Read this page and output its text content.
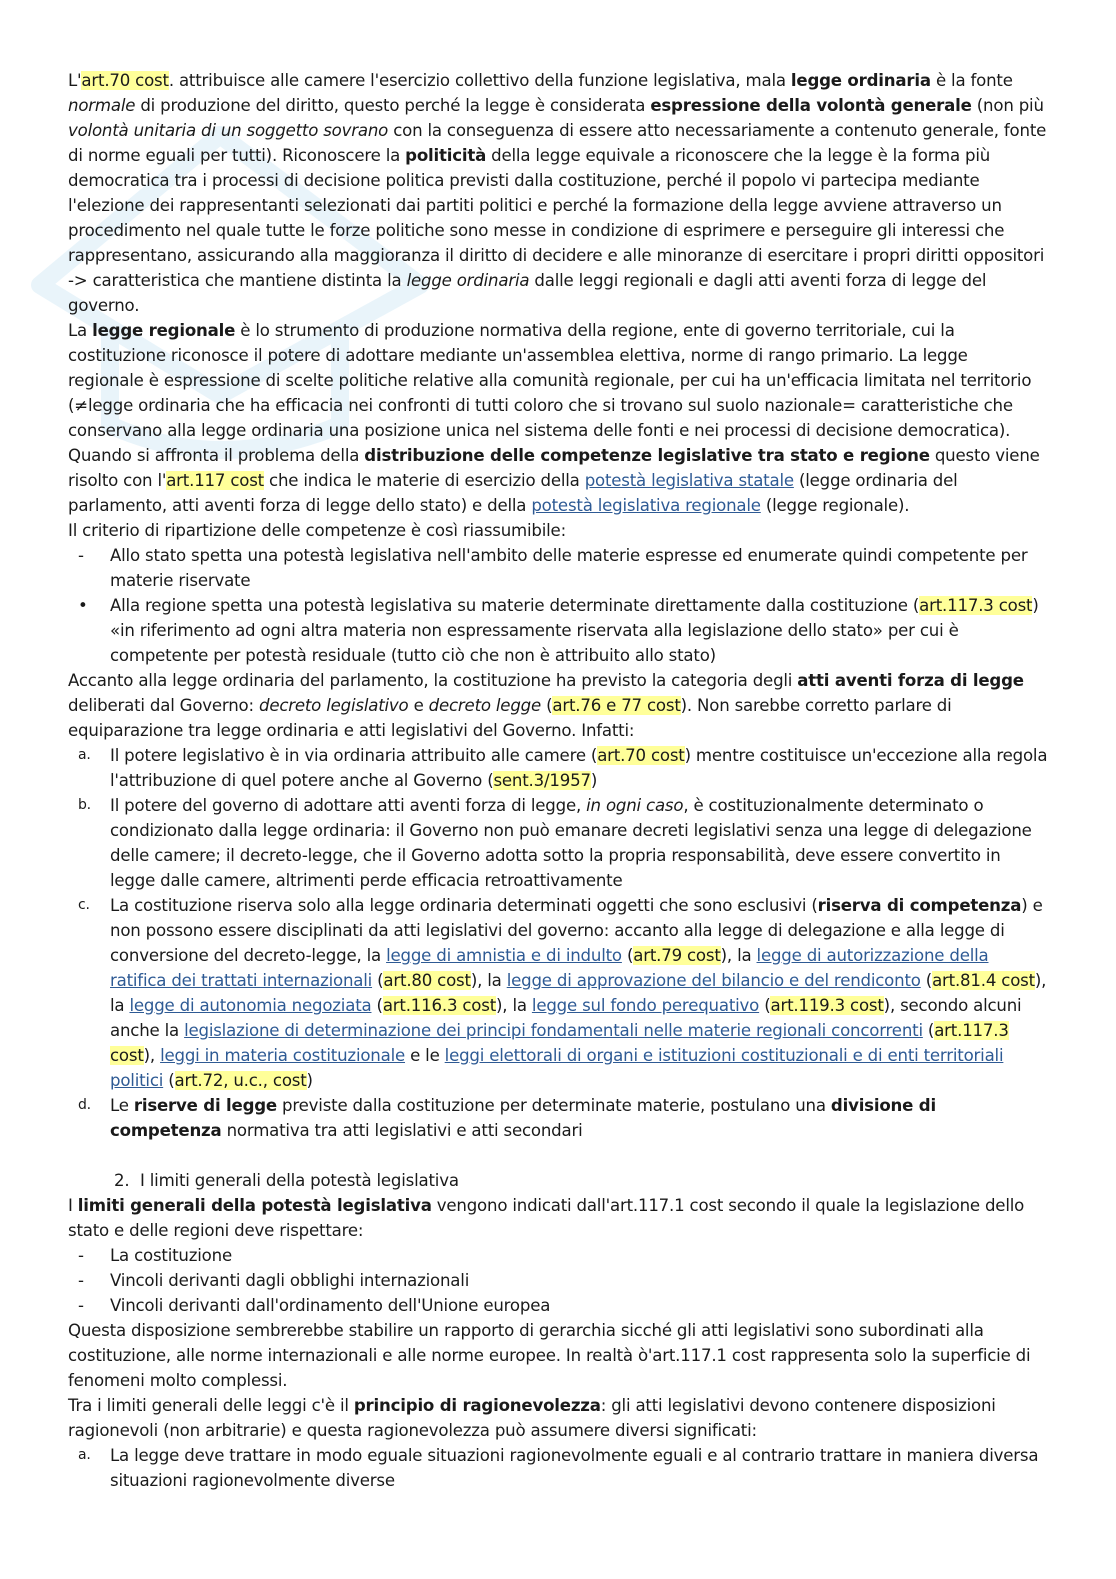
L'art.70 cost. attribuisce alle camere l'esercizio collettivo della funzione legislativa, mala legge ordinaria è la fonte normale di produzione del diritto, questo perché la legge è considerata espressione della volontà generale (non più volontà unitaria di un soggetto sovrano con la conseguenza di essere atto necessariamente a contenuto generale, fonte di norme eguali per tutti). Riconoscere la politicità della legge equivale a riconoscere che la legge è la forma più democratica tra i processi di decisione politica previsti dalla costituzione, perché il popolo vi partecipa mediante l'elezione dei rappresentanti selezionati dai partiti politici e perché la formazione della legge avviene attraverso un procedimento nel quale tutte le forze politiche sono messe in condizione di esprimere e perseguire gli interessi che rappresentano, assicurando alla maggioranza il diritto di decidere e alle minoranze di esercitare i propri diritti oppositori -> caratteristica che mantiene distinta la legge ordinaria dalle leggi regionali e dagli atti aventi forza di legge del governo.

La legge regionale è lo strumento di produzione normativa della regione, ente di governo territoriale, cui la costituzione riconosce il potere di adottare mediante un'assemblea elettiva, norme di rango primario. La legge regionale è espressione di scelte politiche relative alla comunità regionale, per cui ha un'efficacia limitata nel territorio (≠legge ordinaria che ha efficacia nei confronti di tutti coloro che si trovano sul suolo nazionale= caratteristiche che conservano alla legge ordinaria una posizione unica nel sistema delle fonti e nei processi di decisione democratica). Quando si affronta il problema della distribuzione delle competenze legislative tra stato e regione questo viene risolto con l'art.117 cost che indica le materie di esercizio della potestà legislativa statale (legge ordinaria del parlamento, atti aventi forza di legge dello stato) e della potestà legislativa regionale (legge regionale).

Il criterio di ripartizione delle competenze è così riassumibile:

-	Allo stato spetta una potestà legislativa nell'ambito delle materie espresse ed enumerate quindi competente per materie riservate
•	Alla regione spetta una potestà legislativa su materie determinate direttamente dalla costituzione (art.117.3 cost) «in riferimento ad ogni altra materia non espressamente riservata alla legislazione dello stato» per cui è competente per potestà residuale (tutto ciò che non è attribuito allo stato)

Accanto alla legge ordinaria del parlamento, la costituzione ha previsto la categoria degli atti aventi forza di legge deliberati dal Governo: decreto legislativo e decreto legge (art.76 e 77 cost). Non sarebbe corretto parlare di equiparazione tra legge ordinaria e atti legislativi del Governo. Infatti:

a.	Il potere legislativo è in via ordinaria attribuito alle camere (art.70 cost) mentre costituisce un'eccezione alla regola l'attribuzione di quel potere anche al Governo (sent.3/1957)
b.	Il potere del governo di adottare atti aventi forza di legge, in ogni caso, è costituzionalmente determinato o condizionato dalla legge ordinaria: il Governo non può emanare decreti legislativi senza una legge di delegazione delle camere; il decreto-legge, che il Governo adotta sotto la propria responsabilità, deve essere convertito in legge dalle camere, altrimenti perde efficacia retroattivamente
c.	La costituzione riserva solo alla legge ordinaria determinati oggetti che sono esclusivi (riserva di competenza) e non possono essere disciplinati da atti legislativi del governo: accanto alla legge di delegazione e alla legge di conversione del decreto-legge, la legge di amnistia e di indulto (art.79 cost), la legge di autorizzazione della ratifica dei trattati internazionali (art.80 cost), la legge di approvazione del bilancio e del rendiconto (art.81.4 cost), la legge di autonomia negoziata (art.116.3 cost), la legge sul fondo perequativo (art.119.3 cost), secondo alcuni anche la legislazione di determinazione dei principi fondamentali nelle materie regionali concorrenti (art.117.3 cost), leggi in materia costituzionale e le leggi elettorali di organi e istituzioni costituzionali e di enti territoriali politici (art.72, u.c., cost)
d.	Le riserve di legge previste dalla costituzione per determinate materie, postulano una divisione di competenza normativa tra atti legislativi e atti secondari

2. I limiti generali della potestà legislativa

I limiti generali della potestà legislativa vengono indicati dall'art.117.1 cost secondo il quale la legislazione dello stato e delle regioni deve rispettare:

-	La costituzione
-	Vincoli derivanti dagli obblighi internazionali
-	Vincoli derivanti dall'ordinamento dell'Unione europea

Questa disposizione sembrerebbe stabilire un rapporto di gerarchia sicché gli atti legislativi sono subordinati alla costituzione, alle norme internazionali e alle norme europee. In realtà ò'art.117.1 cost rappresenta solo la superficie di fenomeni molto complessi.

Tra i limiti generali delle leggi c'è il principio di ragionevolezza: gli atti legislativi devono contenere disposizioni ragionevoli (non arbitrarie) e questa ragionevolezza può assumere diversi significati:

a.	La legge deve trattare in modo eguale situazioni ragionevolmente eguali e al contrario trattare in maniera diversa situazioni ragionevolmente diverse
